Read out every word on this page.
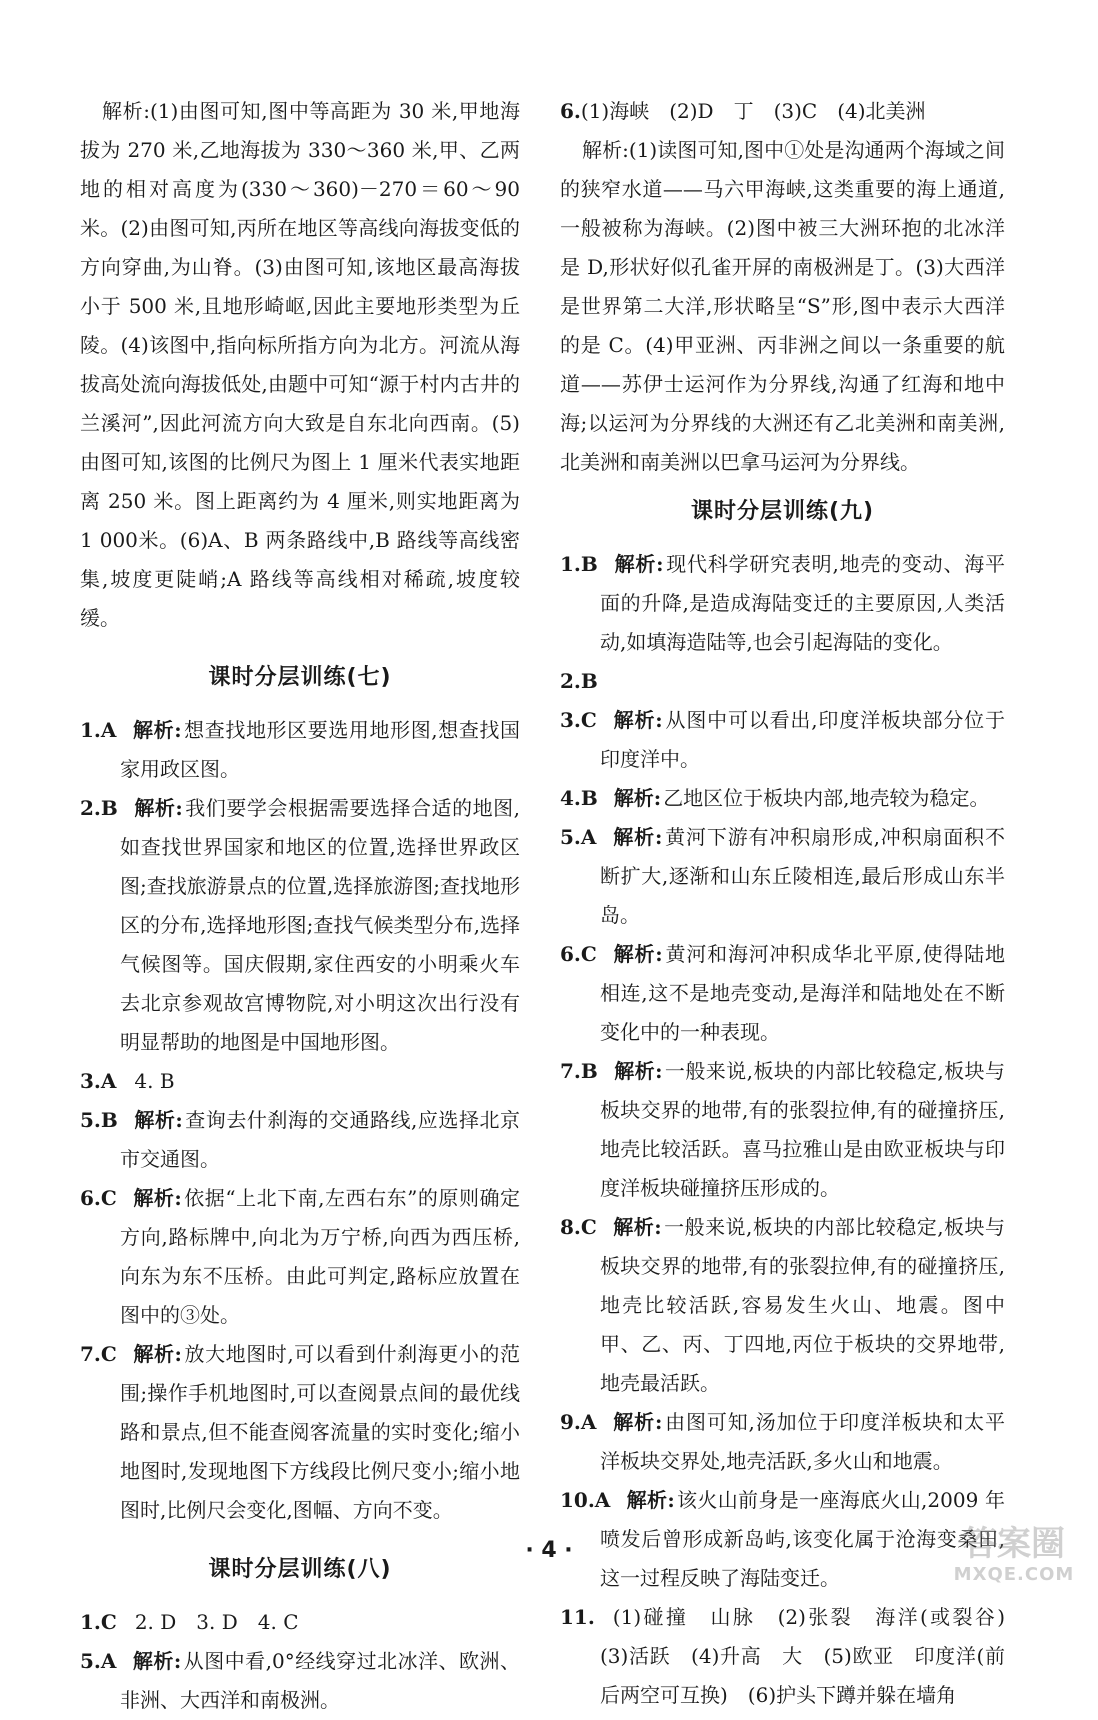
解析:(1)由图可知,图中等高距为 30 米,甲地海拔为 270 米,乙地海拔为 330～360 米,甲、乙两地的相对高度为(330～360)－270＝60～90 米。(2)由图可知,丙所在地区等高线向海拔变低的方向穿曲,为山脊。(3)由图可知,该地区最高海拔小于 500 米,且地形崎岖,因此主要地形类型为丘陵。(4)该图中,指向标所指方向为北方。河流从海拔高处流向海拔低处,由题中可知“源于村内古井的兰溪河”,因此河流方向大致是自东北向西南。(5)由图可知,该图的比例尺为图上 1 厘米代表实地距离 250 米。图上距离约为 4 厘米,则实地距离为 1 000米。(6)A、B 两条路线中,B 路线等高线密集,坡度更陡峭;A 路线等高线相对稀疏,坡度较缓。

课时分层训练(七)

1.A 解析: 想查找地形区要选用地形图,想查找国家用政区图。

2.B 解析: 我们要学会根据需要选择合适的地图,如查找世界国家和地区的位置,选择世界政区图;查找旅游景点的位置,选择旅游图;查找地形区的分布,选择地形图;查找气候类型分布,选择气候图等。国庆假期,家住西安的小明乘火车去北京参观故宫博物院,对小明这次出行没有明显帮助的地图是中国地形图。

3.A 4. B

5.B 解析: 查询去什刹海的交通路线,应选择北京市交通图。

6.C 解析: 依据“上北下南,左西右东”的原则确定方向,路标牌中,向北为万宁桥,向西为西压桥,向东为东不压桥。由此可判定,路标应放置在图中的③处。

7.C 解析: 放大地图时,可以看到什刹海更小的范围;操作手机地图时,可以查阅景点间的最优线路和景点,但不能查阅客流量的实时变化;缩小地图时,发现地图下方线段比例尺变小;缩小地图时,比例尺会变化,图幅、方向不变。

课时分层训练(八)

1.C 2. D　3. D　4. C

5.A 解析: 从图中看,0°经线穿过北冰洋、欧洲、非洲、大西洋和南极洲。

6.(1)海峡　(2)D　丁　(3)C　(4)北美洲

解析:(1)读图可知,图中①处是沟通两个海域之间的狭窄水道——马六甲海峡,这类重要的海上通道,一般被称为海峡。(2)图中被三大洲环抱的北冰洋是 D,形状好似孔雀开屏的南极洲是丁。(3)大西洋是世界第二大洋,形状略呈“S”形,图中表示大西洋的是 C。(4)甲亚洲、丙非洲之间以一条重要的航道——苏伊士运河作为分界线,沟通了红海和地中海;以运河为分界线的大洲还有乙北美洲和南美洲,北美洲和南美洲以巴拿马运河为分界线。

课时分层训练(九)

1.B 解析: 现代科学研究表明,地壳的变动、海平面的升降,是造成海陆变迁的主要原因,人类活动,如填海造陆等,也会引起海陆的变化。

2.B

3.C 解析: 从图中可以看出,印度洋板块部分位于印度洋中。

4.B 解析: 乙地区位于板块内部,地壳较为稳定。

5.A 解析: 黄河下游有冲积扇形成,冲积扇面积不断扩大,逐渐和山东丘陵相连,最后形成山东半岛。

6.C 解析: 黄河和海河冲积成华北平原,使得陆地相连,这不是地壳变动,是海洋和陆地处在不断变化中的一种表现。

7.B 解析: 一般来说,板块的内部比较稳定,板块与板块交界的地带,有的张裂拉伸,有的碰撞挤压,地壳比较活跃。喜马拉雅山是由欧亚板块与印度洋板块碰撞挤压形成的。

8.C 解析: 一般来说,板块的内部比较稳定,板块与板块交界的地带,有的张裂拉伸,有的碰撞挤压,地壳比较活跃,容易发生火山、地震。图中甲、乙、丙、丁四地,丙位于板块的交界地带,地壳最活跃。

9.A 解析: 由图可知,汤加位于印度洋板块和太平洋板块交界处,地壳活跃,多火山和地震。

10.A 解析: 该火山前身是一座海底火山,2009 年喷发后曾形成新岛屿,该变化属于沧海变桑田,这一过程反映了海陆变迁。

11. (1)碰撞　山脉　(2)张裂　海洋(或裂谷)　(3)活跃　(4)升高　大　(5)欧亚　印度洋(前后两空可互换)　(6)护头下蹲并躲在墙角

· 4 ·	答案圈
MXQE.COM
